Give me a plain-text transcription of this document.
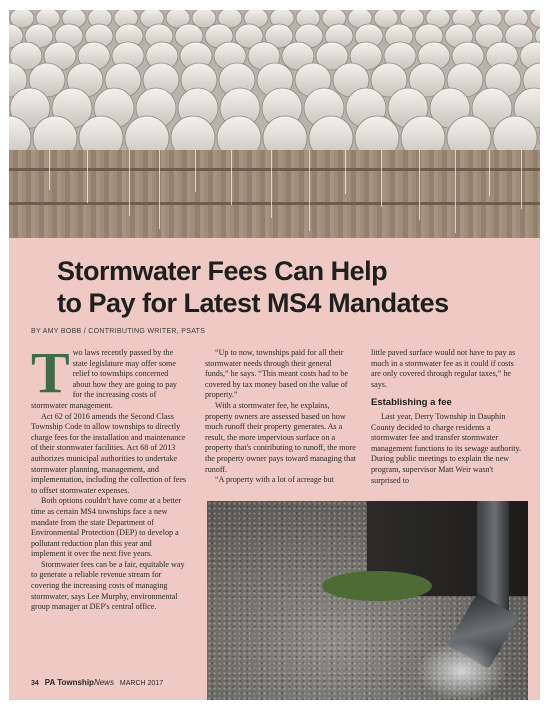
Stormwater Fees Can Help
to Pay for Latest MS4 Mandates
BY AMY BOBB / CONTRIBUTING WRITER, PSATS

Two laws recently passed by the state legislature may offer some relief to townships concerned about how they are going to pay for the increasing costs of stormwater management.

Act 62 of 2016 amends the Second Class Township Code to allow townships to directly charge fees for the installation and maintenance of their stormwater facilities. Act 68 of 2013 authorizes municipal authorities to undertake stormwater planning, management, and implementation, including the collection of fees to offset stormwater expenses.

Both options couldn't have come at a better time as certain MS4 townships face a new mandate from the state Department of Environmental Protection (DEP) to develop a pollutant reduction plan this year and implement it over the next five years.

Stormwater fees can be a fair, equitable way to generate a reliable revenue stream for covering the increasing costs of managing stormwater, says Lee Murphy, environmental group manager at DEP's central office.

“Up to now, townships paid for all their stormwater needs through their general funds,” he says. “This meant costs had to be covered by tax money based on the value of property.”

With a stormwater fee, he explains, property owners are assessed based on how much runoff their property generates. As a result, the more impervious surface on a property that's contributing to runoff, the more the property owner pays toward managing that runoff.

“A property with a lot of acreage but

little paved surface would not have to pay as much in a stormwater fee as it could if costs are only covered through regular taxes,” he says.

Establishing a fee

Last year, Derry Township in Dauphin County decided to charge residents a stormwater fee and transfer stormwater management functions to its sewage authority. During public meetings to explain the new program, supervisor Matt Weir wasn't surprised to

34 PA TownshipNews MARCH 2017
